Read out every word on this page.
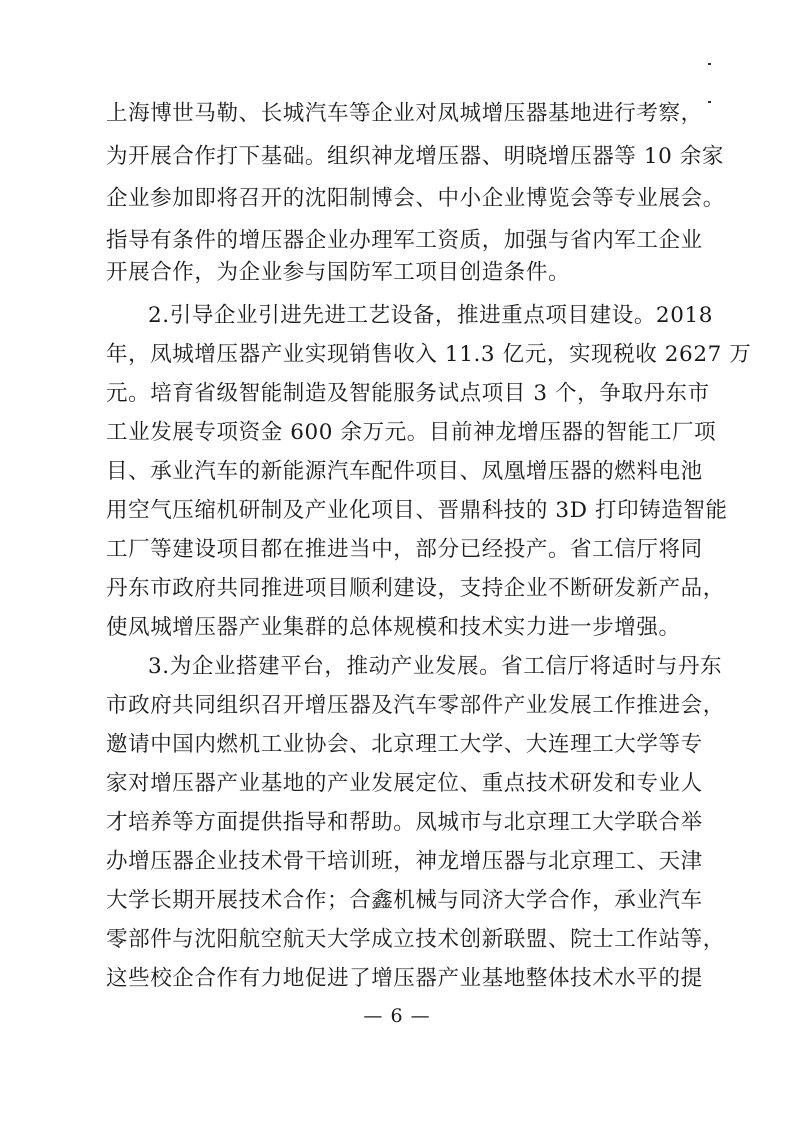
上海博世马勒、长城汽车等企业对凤城增压器基地进行考察，
为开展合作打下基础。组织神龙增压器、明晓增压器等 10 余家
企业参加即将召开的沈阳制博会、中小企业博览会等专业展会。
指导有条件的增压器企业办理军工资质，加强与省内军工企业
开展合作，为企业参与国防军工项目创造条件。
2.引导企业引进先进工艺设备，推进重点项目建设。2018
年，凤城增压器产业实现销售收入 11.3 亿元，实现税收 2627 万
元。培育省级智能制造及智能服务试点项目 3 个，争取丹东市
工业发展专项资金 600 余万元。目前神龙增压器的智能工厂项
目、承业汽车的新能源汽车配件项目、凤凰增压器的燃料电池
用空气压缩机研制及产业化项目、晋鼎科技的 3D 打印铸造智能
工厂等建设项目都在推进当中，部分已经投产。省工信厅将同
丹东市政府共同推进项目顺利建设，支持企业不断研发新产品，
使凤城增压器产业集群的总体规模和技术实力进一步增强。
3.为企业搭建平台，推动产业发展。省工信厅将适时与丹东
市政府共同组织召开增压器及汽车零部件产业发展工作推进会，
邀请中国内燃机工业协会、北京理工大学、大连理工大学等专
家对增压器产业基地的产业发展定位、重点技术研发和专业人
才培养等方面提供指导和帮助。凤城市与北京理工大学联合举
办增压器企业技术骨干培训班，神龙增压器与北京理工、天津
大学长期开展技术合作；合鑫机械与同济大学合作，承业汽车
零部件与沈阳航空航天大学成立技术创新联盟、院士工作站等，
这些校企合作有力地促进了增压器产业基地整体技术水平的提
— 6 —
